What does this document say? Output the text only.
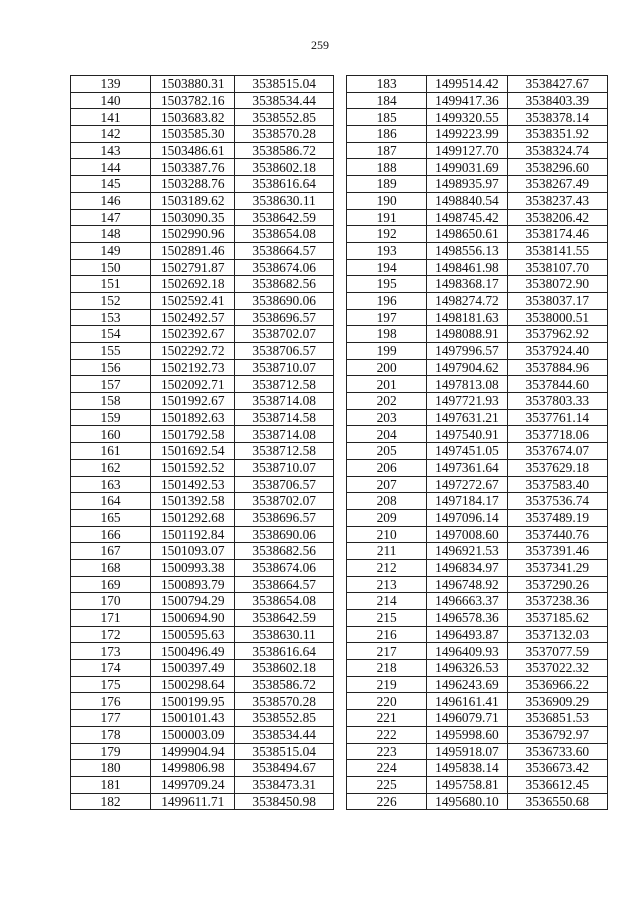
259
139	1503880.31	3538515.04
140	1503782.16	3538534.44
141	1503683.82	3538552.85
142	1503585.30	3538570.28
143	1503486.61	3538586.72
144	1503387.76	3538602.18
145	1503288.76	3538616.64
146	1503189.62	3538630.11
147	1503090.35	3538642.59
148	1502990.96	3538654.08
149	1502891.46	3538664.57
150	1502791.87	3538674.06
151	1502692.18	3538682.56
152	1502592.41	3538690.06
153	1502492.57	3538696.57
154	1502392.67	3538702.07
155	1502292.72	3538706.57
156	1502192.73	3538710.07
157	1502092.71	3538712.58
158	1501992.67	3538714.08
159	1501892.63	3538714.58
160	1501792.58	3538714.08
161	1501692.54	3538712.58
162	1501592.52	3538710.07
163	1501492.53	3538706.57
164	1501392.58	3538702.07
165	1501292.68	3538696.57
166	1501192.84	3538690.06
167	1501093.07	3538682.56
168	1500993.38	3538674.06
169	1500893.79	3538664.57
170	1500794.29	3538654.08
171	1500694.90	3538642.59
172	1500595.63	3538630.11
173	1500496.49	3538616.64
174	1500397.49	3538602.18
175	1500298.64	3538586.72
176	1500199.95	3538570.28
177	1500101.43	3538552.85
178	1500003.09	3538534.44
179	1499904.94	3538515.04
180	1499806.98	3538494.67
181	1499709.24	3538473.31
182	1499611.71	3538450.98
183	1499514.42	3538427.67
184	1499417.36	3538403.39
185	1499320.55	3538378.14
186	1499223.99	3538351.92
187	1499127.70	3538324.74
188	1499031.69	3538296.60
189	1498935.97	3538267.49
190	1498840.54	3538237.43
191	1498745.42	3538206.42
192	1498650.61	3538174.46
193	1498556.13	3538141.55
194	1498461.98	3538107.70
195	1498368.17	3538072.90
196	1498274.72	3538037.17
197	1498181.63	3538000.51
198	1498088.91	3537962.92
199	1497996.57	3537924.40
200	1497904.62	3537884.96
201	1497813.08	3537844.60
202	1497721.93	3537803.33
203	1497631.21	3537761.14
204	1497540.91	3537718.06
205	1497451.05	3537674.07
206	1497361.64	3537629.18
207	1497272.67	3537583.40
208	1497184.17	3537536.74
209	1497096.14	3537489.19
210	1497008.60	3537440.76
211	1496921.53	3537391.46
212	1496834.97	3537341.29
213	1496748.92	3537290.26
214	1496663.37	3537238.36
215	1496578.36	3537185.62
216	1496493.87	3537132.03
217	1496409.93	3537077.59
218	1496326.53	3537022.32
219	1496243.69	3536966.22
220	1496161.41	3536909.29
221	1496079.71	3536851.53
222	1495998.60	3536792.97
223	1495918.07	3536733.60
224	1495838.14	3536673.42
225	1495758.81	3536612.45
226	1495680.10	3536550.68
